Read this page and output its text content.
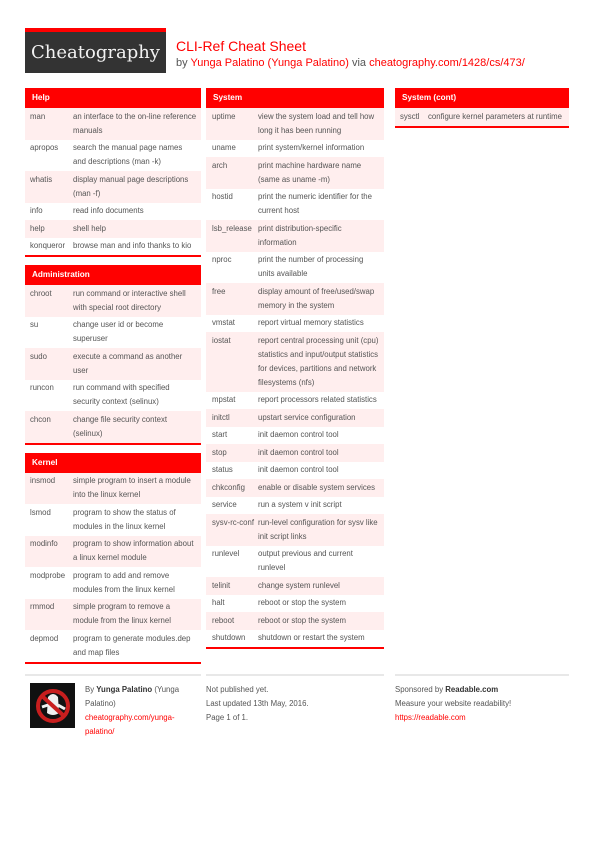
Cheatography	CLI-Ref Cheat Sheet
by Yunga Palatino (Yunga Palatino) via cheatography.com/1428/cs/473/
Help
man	an interface to the on-line reference manuals
apropos	search the manual page names and descriptions (man -k)
whatis	display manual page descriptions (man -f)
info	read info documents
help	shell help
konqueror	browse man and info thanks to kio
Administration
chroot	run command or interactive shell with special root directory
su	change user id or become superuser
sudo	execute a command as another user
runcon	run command with specified security context (selinux)
chcon	change file security context (selinux)
Kernel
insmod	simple program to insert a module into the linux kernel
lsmod	program to show the status of modules in the linux kernel
modinfo	program to show information about a linux kernel module
modprobe	program to add and remove modules from the linux kernel
rmmod	simple program to remove a module from the linux kernel
depmod	program to generate modules.dep and map files
System
uptime	view the system load and tell how long it has been running
uname	print system/kernel information
arch	print machine hardware name (same as uname -m)
hostid	print the numeric identifier for the current host
lsb_release print distribution-specific information
nproc	print the number of processing units available
free	display amount of free/used/swap memory in the system
vmstat	report virtual memory statistics
iostat	report central processing unit (cpu) statistics and input/output statistics for devices, partitions and network filesystems (nfs)
mpstat	report processors related statistics
initctl	upstart service configuration
start	init daemon control tool
stop	init daemon control tool
status	init daemon control tool
chkconfig	enable or disable system services
service	run a system v init script
sysv-rc-conf run-level configuration for sysv like init script links
runlevel	output previous and current runlevel
telinit	change system runlevel
halt	reboot or stop the system
reboot	reboot or stop the system
shutdown	shutdown or restart the system
System (cont)
sysctl	configure kernel parameters at runtime
By Yunga Palatino (Yunga Palatino)
cheatography.com/yunga-palatino/
Not published yet.
Last updated 13th May, 2016.
Page 1 of 1.
Sponsored by Readable.com
Measure your website readability!
https://readable.com
